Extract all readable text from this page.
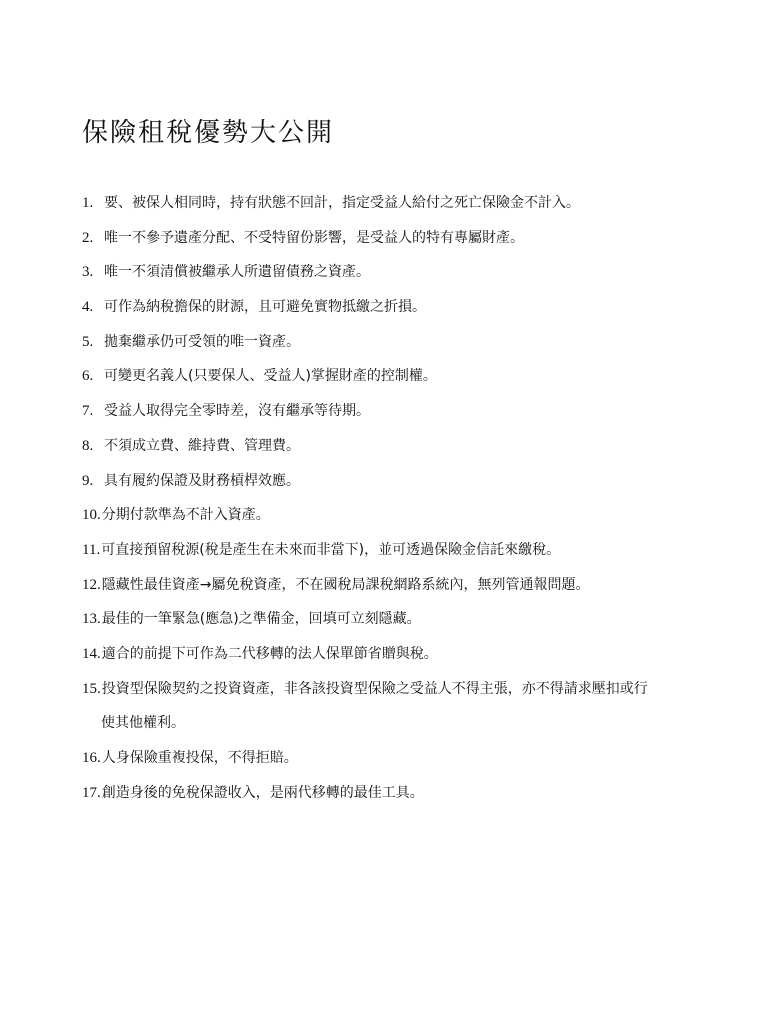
保險租稅優勢大公開
1. 要、被保人相同時，持有狀態不回計，指定受益人給付之死亡保險金不計入。
2. 唯一不參予遺產分配、不受特留份影響，是受益人的特有專屬財產。
3. 唯一不須清償被繼承人所遺留債務之資產。
4. 可作為納稅擔保的財源，且可避免實物抵繳之折損。
5. 拋棄繼承仍可受領的唯一資產。
6. 可變更名義人(只要保人、受益人)掌握財產的控制權。
7. 受益人取得完全零時差，沒有繼承等待期。
8. 不須成立費、維持費、管理費。
9. 具有履約保證及財務槓桿效應。
10. 分期付款準為不計入資產。
11. 可直接預留稅源(稅是產生在未來而非當下)，並可透過保險金信託來繳稅。
12. 隱藏性最佳資產→屬免稅資產，不在國稅局課稅網路系統內，無列管通報問題。
13. 最佳的一筆緊急(應急)之準備金，回填可立刻隱藏。
14. 適合的前提下可作為二代移轉的法人保單節省贈與稅。
15. 投資型保險契約之投資資產，非各該投資型保險之受益人不得主張，亦不得請求壓扣或行
使其他權利。
16. 人身保險重複投保，不得拒賠。
17. 創造身後的免稅保證收入，是兩代移轉的最佳工具。
